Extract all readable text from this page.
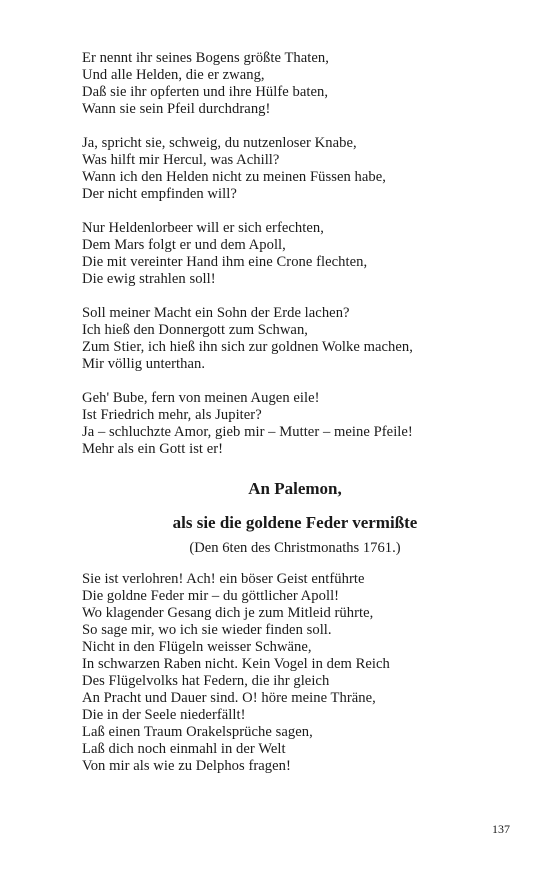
Er nennt ihr seines Bogens größte Thaten,
Und alle Helden, die er zwang,
Daß sie ihr opferten und ihre Hülfe baten,
Wann sie sein Pfeil durchdrang!
Ja, spricht sie, schweig, du nutzenloser Knabe,
Was hilft mir Hercul, was Achill?
Wann ich den Helden nicht zu meinen Füssen habe,
Der nicht empfinden will?
Nur Heldenlorbeer will er sich erfechten,
Dem Mars folgt er und dem Apoll,
Die mit vereinter Hand ihm eine Crone flechten,
Die ewig strahlen soll!
Soll meiner Macht ein Sohn der Erde lachen?
Ich hieß den Donnergott zum Schwan,
Zum Stier, ich hieß ihn sich zur goldnen Wolke machen,
Mir völlig unterthan.
Geh' Bube, fern von meinen Augen eile!
Ist Friedrich mehr, als Jupiter?
Ja – schluchzte Amor, gieb mir – Mutter – meine Pfeile!
Mehr als ein Gott ist er!
An Palemon,
als sie die goldene Feder vermißte
(Den 6ten des Christmonaths 1761.)
Sie ist verlohren! Ach! ein böser Geist entführte
Die goldne Feder mir – du göttlicher Apoll!
Wo klagender Gesang dich je zum Mitleid rührte,
So sage mir, wo ich sie wieder finden soll.
Nicht in den Flügeln weisser Schwäne,
In schwarzen Raben nicht. Kein Vogel in dem Reich
Des Flügelvolks hat Federn, die ihr gleich
An Pracht und Dauer sind. O! höre meine Thräne,
Die in der Seele niederfällt!
Laß einen Traum Orakelsprüche sagen,
Laß dich noch einmahl in der Welt
Von mir als wie zu Delphos fragen!
137
